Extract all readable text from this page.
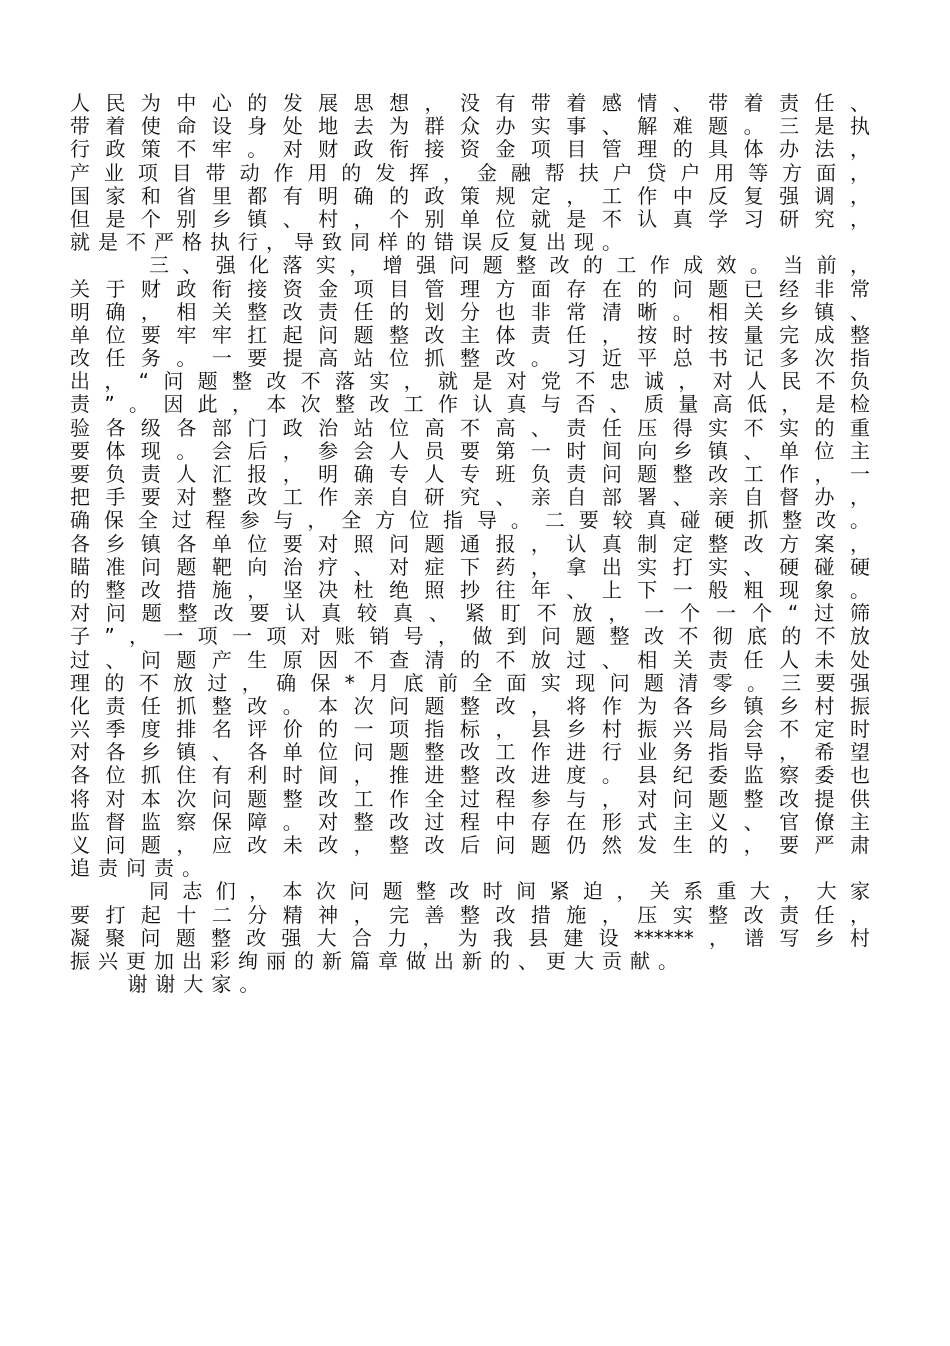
人民为中心的发展思想，没有带着感情、带着责任、
带着使命设身处地去为群众办实事、解难题。三是执
行政策不牢。对财政衔接资金项目管理的具体办法，
产业项目带动作用的发挥，金融帮扶户贷户用等方面，
国家和省里都有明确的政策规定，工作中反复强调，
但是个别乡镇、村，个别单位就是不认真学习研究，
就是不严格执行，导致同样的错误反复出现。
三、强化落实，增强问题整改的工作成效。当前，
关于财政衔接资金项目管理方面存在的问题已经非常
明确，相关整改责任的划分也非常清晰。相关乡镇、
单位要牢牢扛起问题整改主体责任，按时按量完成整
改任务。一要提高站位抓整改。习近平总书记多次指
出，“问题整改不落实，就是对党不忠诚，对人民不负
责”。因此，本次整改工作认真与否、质量高低，是检
验各级各部门政治站位高不高、责任压得实不实的重
要体现。会后，参会人员要第一时间向乡镇、单位主
要负责人汇报，明确专人专班负责问题整改工作，一
把手要对整改工作亲自研究、亲自部署、亲自督办，
确保全过程参与，全方位指导。二要较真碰硬抓整改。
各乡镇各单位要对照问题通报，认真制定整改方案，
瞄准问题靶向治疗、对症下药，拿出实打实、硬碰硬
的整改措施，坚决杜绝照抄往年、上下一般粗现象。
对问题整改要认真较真、紧盯不放，一个一个“过筛
子”，一项一项对账销号，做到问题整改不彻底的不放
过、问题产生原因不查清的不放过、相关责任人未处
理的不放过，确保*月底前全面实现问题清零。三要强
化责任抓整改。本次问题整改，将作为各乡镇乡村振
兴季度排名评价的一项指标，县乡村振兴局会不定时
对各乡镇、各单位问题整改工作进行业务指导，希望
各位抓住有利时间，推进整改进度。县纪委监察委也
将对本次问题整改工作全过程参与，对问题整改提供
监督监察保障。对整改过程中存在形式主义、官僚主
义问题，应改未改，整改后问题仍然发生的，要严肃
追责问责。
同志们，本次问题整改时间紧迫，关系重大，大家
要打起十二分精神，完善整改措施，压实整改责任，
凝聚问题整改强大合力，为我县建设******，谱写乡村
振兴更加出彩绚丽的新篇章做出新的、更大贡献。
谢谢大家。
